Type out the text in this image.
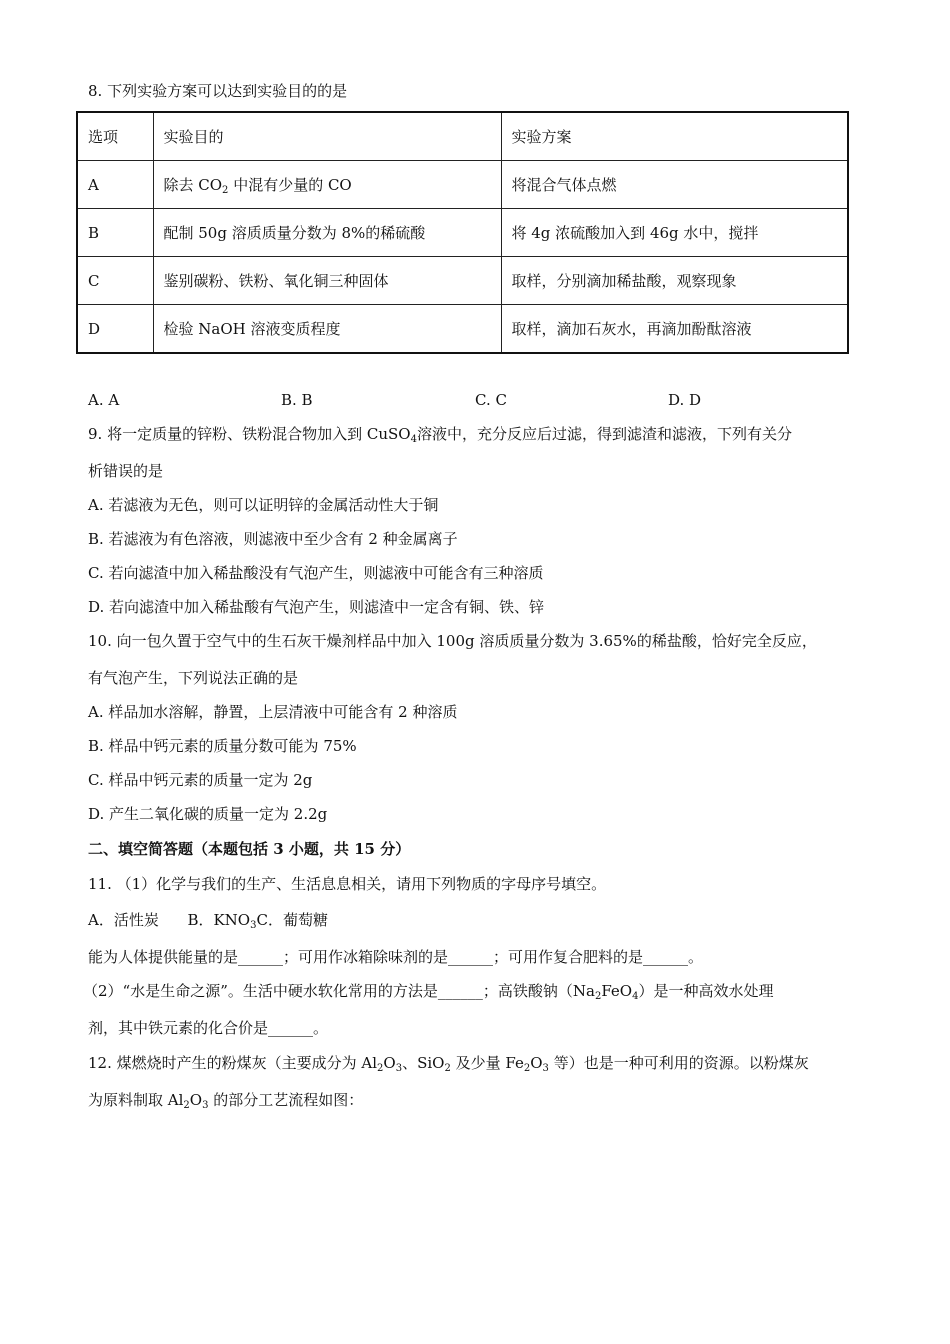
8. 下列实验方案可以达到实验目的的是
选项	实验目的	实验方案
A	除去 $CO_2$ 中混有少量的 CO	将混合气体点燃
B	配制 50g 溶质质量分数为 8%的稀硫酸	将 4g 浓硫酸加入到 46g 水中，搅拌
C	鉴别碳粉、铁粉、氧化铜三种固体	取样，分别滴加稀盐酸，观察现象
D	检验 NaOH 溶液变质程度	取样，滴加石灰水，再滴加酚酞溶液
A. A	B. B	C. C	D. D
9. 将一定质量的锌粉、铁粉混合物加入到 CuSO$_4$溶液中，充分反应后过滤，得到滤渣和滤液，下列有关分
析错误的是
A. 若滤液为无色，则可以证明锌的金属活动性大于铜
B. 若滤液为有色溶液，则滤液中至少含有 2 种金属离子
C. 若向滤渣中加入稀盐酸没有气泡产生，则滤液中可能含有三种溶质
D. 若向滤渣中加入稀盐酸有气泡产生，则滤渣中一定含有铜、铁、锌
10. 向一包久置于空气中的生石灰干燥剂样品中加入 100g 溶质质量分数为 3.65%的稀盐酸，恰好完全反应，
有气泡产生，下列说法正确的是
A. 样品加水溶解，静置，上层清液中可能含有 2 种溶质
B. 样品中钙元素的质量分数可能为 75%
C. 样品中钙元素的质量一定为 2g
D. 产生二氧化碳的质量一定为 2.2g
二、填空简答题（本题包括 3 小题，共 15 分）
11. （1）化学与我们的生产、生活息息相关，请用下列物质的字母序号填空。
A．活性炭 B．$KNO_3C$．葡萄糖
能为人体提供能量的是______；可用作冰箱除味剂的是______；可用作复合肥料的是______。
（2）“水是生命之源”。生活中硬水软化常用的方法是______；高铁酸钠$(Na_2FeO_4)$是一种高效水处理
剂，其中铁元素的化合价是______。
12. 煤燃烧时产生的粉煤灰（主要成分为 $Al_2O_3$、SiO$_2$ 及少量 $Fe_2O_3$ 等）也是一种可利用的资源。以粉煤灰
为原料制取 $Al_2O_3$ 的部分工艺流程如图：
